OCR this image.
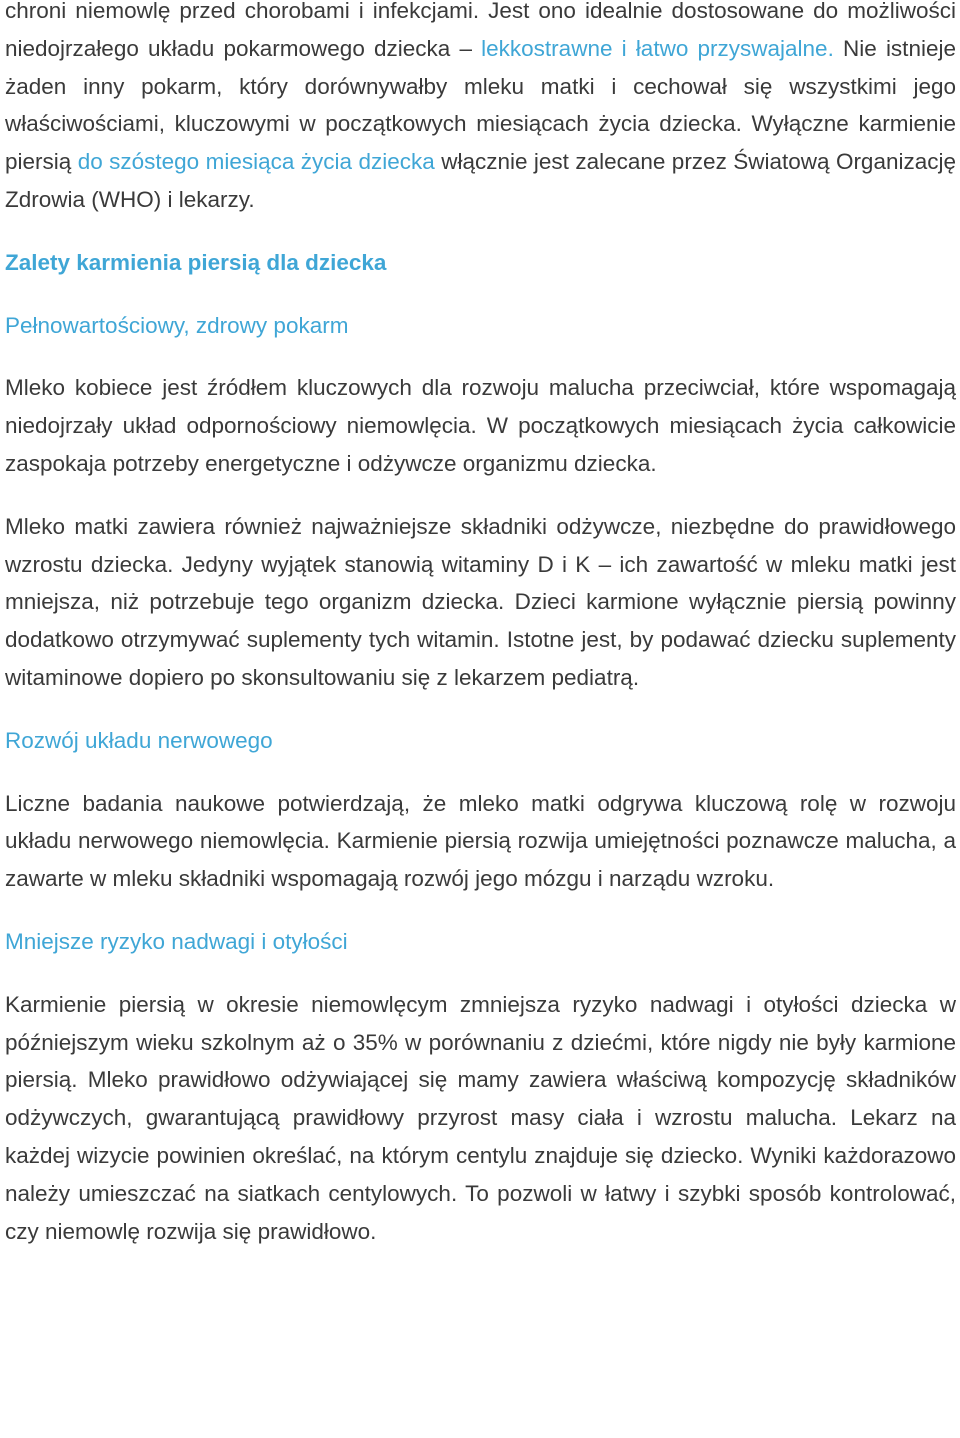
chroni niemowlę przed chorobami i infekcjami. Jest ono idealnie dostosowane do możliwości niedojrzałego układu pokarmowego dziecka – lekkostrawne i łatwo przyswajalne. Nie istnieje żaden inny pokarm, który dorównywałby mleku matki i cechował się wszystkimi jego właściwościami, kluczowymi w początkowych miesiącach życia dziecka. Wyłączne karmienie piersią do szóstego miesiąca życia dziecka włącznie jest zalecane przez Światową Organizację Zdrowia (WHO) i lekarzy.

Zalety karmienia piersią dla dziecka
Pełnowartościowy, zdrowy pokarm

Mleko kobiece jest źródłem kluczowych dla rozwoju malucha przeciwciał, które wspomagają niedojrzały układ odpornościowy niemowlęcia. W początkowych miesiącach życia całkowicie zaspokaja potrzeby energetyczne i odżywcze organizmu dziecka.

Mleko matki zawiera również najważniejsze składniki odżywcze, niezbędne do prawidłowego wzrostu dziecka. Jedyny wyjątek stanowią witaminy D i K – ich zawartość w mleku matki jest mniejsza, niż potrzebuje tego organizm dziecka. Dzieci karmione wyłącznie piersią powinny dodatkowo otrzymywać suplementy tych witamin. Istotne jest, by podawać dziecku suplementy witaminowe dopiero po skonsultowaniu się z lekarzem pediatrą.

Rozwój układu nerwowego

Liczne badania naukowe potwierdzają, że mleko matki odgrywa kluczową rolę w rozwoju układu nerwowego niemowlęcia. Karmienie piersią rozwija umiejętności poznawcze malucha, a zawarte w mleku składniki wspomagają rozwój jego mózgu i narządu wzroku.

Mniejsze ryzyko nadwagi i otyłości

Karmienie piersią w okresie niemowlęcym zmniejsza ryzyko nadwagi i otyłości dziecka w późniejszym wieku szkolnym aż o 35% w porównaniu z dziećmi, które nigdy nie były karmione piersią. Mleko prawidłowo odżywiającej się mamy zawiera właściwą kompozycję składników odżywczych, gwarantującą prawidłowy przyrost masy ciała i wzrostu malucha. Lekarz na każdej wizycie powinien określać, na którym centylu znajduje się dziecko. Wyniki każdorazowo należy umieszczać na siatkach centylowych. To pozwoli w łatwy i szybki sposób kontrolować, czy niemowlę rozwija się prawidłowo.
